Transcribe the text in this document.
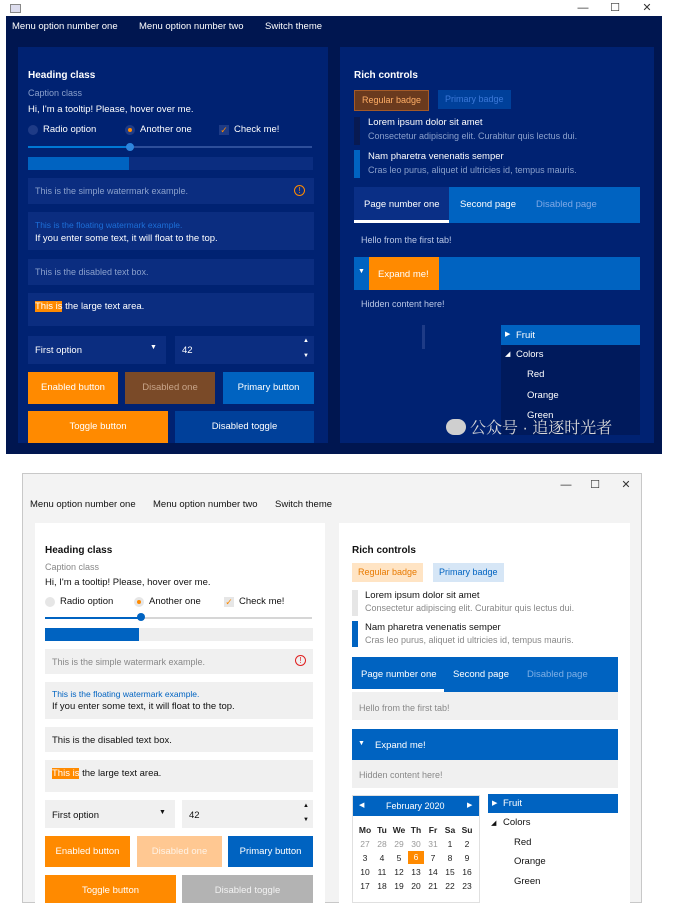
—	☐	✕
Menu option number one Menu option number two Switch theme
Heading class
Caption class
Hi, I'm a tooltip! Please, hover over me.
Radio option	Another one	✓ Check me!
This is the simple watermark example.	!
This is the floating watermark example.
If you enter some text, it will float to the top.
This is the disabled text box.
This is the large text area.
First option	▼	42
▲
▼
Enabled button	Disabled one	Primary button
Toggle button	Disabled toggle
Rich controls
Regular badge	Primary badge
Lorem ipsum dolor sit amet
Consectetur adipiscing elit. Curabitur quis lectus dui.
Nam pharetra venenatis semper
Cras leo purus, aliquet id ultricies id, tempus mauris.
Page number one Second page Disabled page
Hello from the first tab!
▼ Expand me!
Hidden content here!
▶ Fruit
◢ Colors
Red
Orange
Green
公众号 · 追逐时光者
—	☐	✕
Menu option number one Menu option number two Switch theme
Heading class
Caption class
Hi, I'm a tooltip! Please, hover over me.
Radio option	Another one	✓ Check me!
This is the simple watermark example.	!
This is the floating watermark example.
If you enter some text, it will float to the top.
This is the disabled text box.
This is the large text area.
First option	▼ 42
▲
▼
Enabled button	Disabled one	Primary button
Toggle button	Disabled toggle
Rich controls
Regular badge	Primary badge
Lorem ipsum dolor sit amet
Consectetur adipiscing elit. Curabitur quis lectus dui.
Nam pharetra venenatis semper
Cras leo purus, aliquet id ultricies id, tempus mauris.
Page number one Second page Disabled page
Hello from the first tab!
▼ Expand me!
Hidden content here!
◀ February 2020	▶
Mo Tu We Th Fr Sa Su
27 28 29 30 31	1	2
3	4	5	6	7	8	9
10 11 12 13 14 15 16
17 18 19 20 21 22 23
▶ Fruit
◢ Colors
Red
Orange
Green
